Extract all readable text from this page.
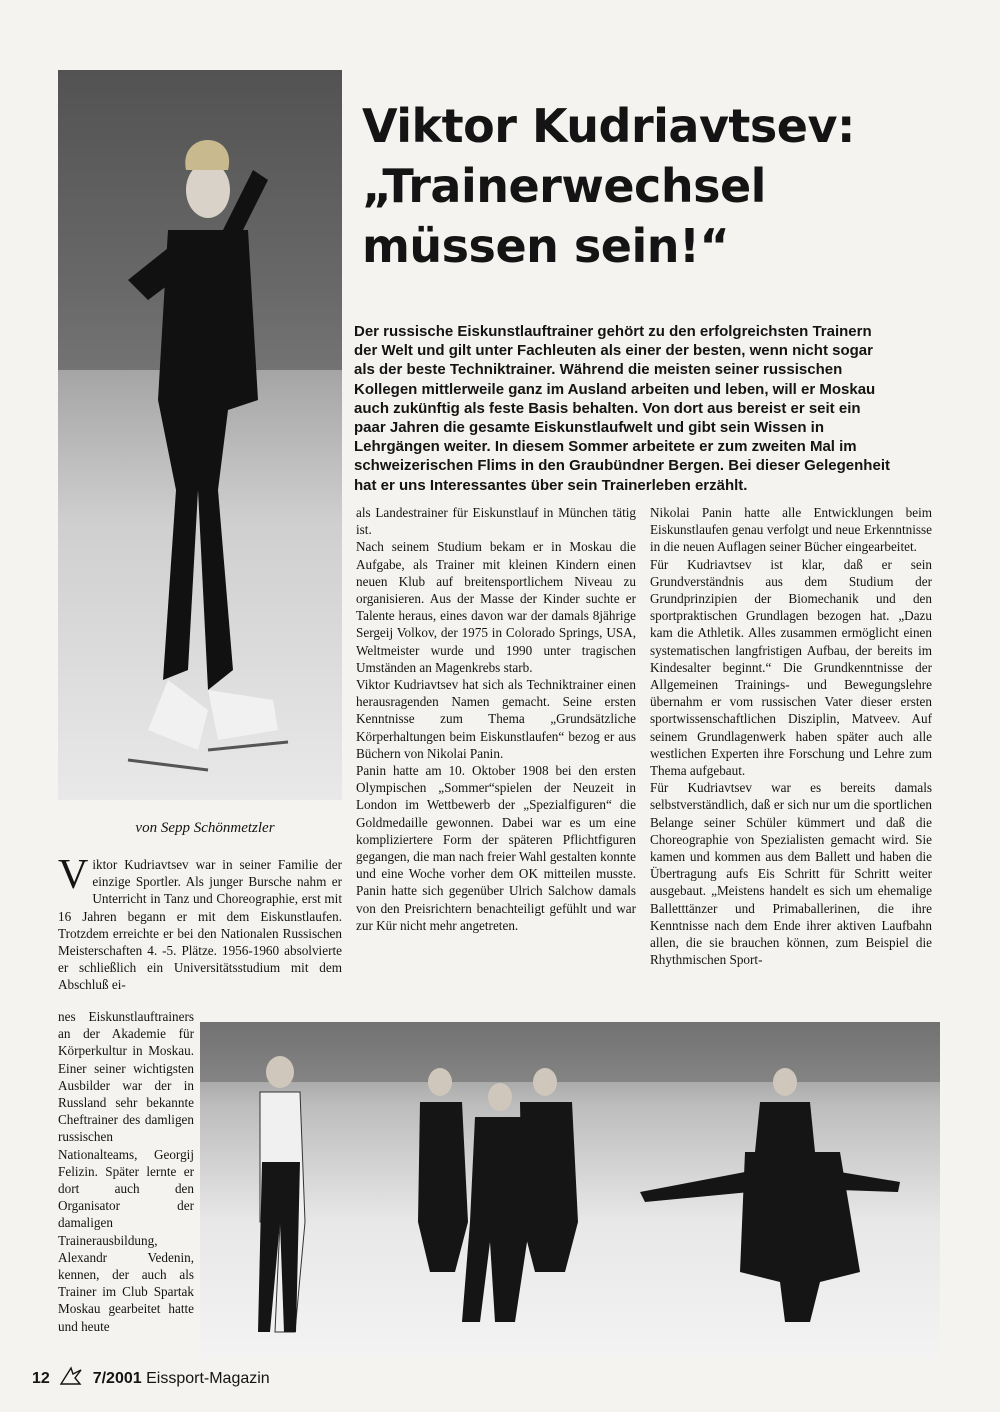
Viktor Kudriavtsev:
„Trainerwechsel
müssen sein!“

Der russische Eiskunstlauftrainer gehört zu den erfolgreichsten Trainern
der Welt und gilt unter Fachleuten als einer der besten, wenn nicht sogar
als der beste Techniktrainer. Während die meisten seiner russischen
Kollegen mittlerweile ganz im Ausland arbeiten und leben, will er Moskau
auch zukünftig als feste Basis behalten. Von dort aus bereist er seit ein
paar Jahren die gesamte Eiskunstlaufwelt und gibt sein Wissen in
Lehrgängen weiter. In diesem Sommer arbeitete er zum zweiten Mal im
schweizerischen Flims in den Graubündner Bergen. Bei dieser Gelegenheit
hat er uns Interessantes über sein Trainerleben erzählt.

von Sepp Schönmetzler

V iktor Kudriavtsev war in seiner Familie der einzige Sportler. Als junger Bursche nahm er Unterricht in Tanz und Choreographie, erst mit 16 Jahren begann er mit dem Eiskunstlaufen. Trotzdem erreichte er bei den Nationalen Russischen Meisterschaften 4. -5. Plätze. 1956-1960 absolvierte er schließlich ein Universitätsstudium mit dem Abschluß ei-
nes Eiskunstlauftrainers an der Akademie für Körperkultur in Moskau. Einer seiner wichtigsten Ausbilder war der in Russland sehr bekannte Cheftrainer des damligen russischen Nationalteams, Georgij Felizin. Später lernte er dort auch den Organisator der damaligen Trainerausbildung, Alexandr Vedenin, kennen, der auch als Trainer im Club Spartak Moskau gearbeitet hatte und heute

als Landestrainer für Eiskunstlauf in München tätig ist.

Nach seinem Studium bekam er in Moskau die Aufgabe, als Trainer mit kleinen Kindern einen neuen Klub auf breitensportlichem Niveau zu organisieren. Aus der Masse der Kinder suchte er Talente heraus, eines davon war der damals 8jährige Sergeij Volkov, der 1975 in Colorado Springs, USA, Weltmeister wurde und 1990 unter tragischen Umständen an Magenkrebs starb.

Viktor Kudriavtsev hat sich als Techniktrainer einen herausragenden Namen gemacht. Seine ersten Kenntnisse zum Thema „Grundsätzliche Körperhaltungen beim Eiskunstlaufen“ bezog er aus Büchern von Nikolai Panin.

Panin hatte am 10. Oktober 1908 bei den ersten Olympischen „Sommer“spielen der Neuzeit in London im Wettbewerb der „Spezialfiguren“ die Goldmedaille gewonnen. Dabei war es um eine kompliziertere Form der späteren Pflichtfiguren gegangen, die man nach freier Wahl gestalten konnte und eine Woche vorher dem OK mitteilen musste. Panin hatte sich gegenüber Ulrich Salchow damals von den Preisrichtern benachteiligt gefühlt und war zur Kür nicht mehr angetreten.

Nikolai Panin hatte alle Entwicklungen beim Eiskunstlaufen genau verfolgt und neue Erkenntnisse in die neuen Auflagen seiner Bücher eingearbeitet.

Für Kudriavtsev ist klar, daß er sein Grundverständnis aus dem Studium der Grundprinzipien der Biomechanik und den sportpraktischen Grundlagen bezogen hat. „Dazu kam die Athletik. Alles zusammen ermöglicht einen systematischen langfristigen Aufbau, der bereits im Kindesalter beginnt.“ Die Grundkenntnisse der Allgemeinen Trainings- und Bewegungslehre übernahm er vom russischen Vater dieser ersten sportwissenschaftlichen Disziplin, Matveev. Auf seinem Grundlagenwerk haben später auch alle westlichen Experten ihre Forschung und Lehre zum Thema aufgebaut.

Für Kudriavtsev war es bereits damals selbstverständlich, daß er sich nur um die sportlichen Belange seiner Schüler kümmert und daß die Choreographie von Spezialisten gemacht wird. Sie kamen und kommen aus dem Ballett und haben die Übertragung aufs Eis Schritt für Schritt weiter ausgebaut. „Meistens handelt es sich um ehemalige Balletttänzer und Primaballerinen, die ihre Kenntnisse nach dem Ende ihrer aktiven Laufbahn allen, die sie brauchen können, zum Beispiel die Rhythmischen Sport-

12	7/2001 Eissport-Magazin
